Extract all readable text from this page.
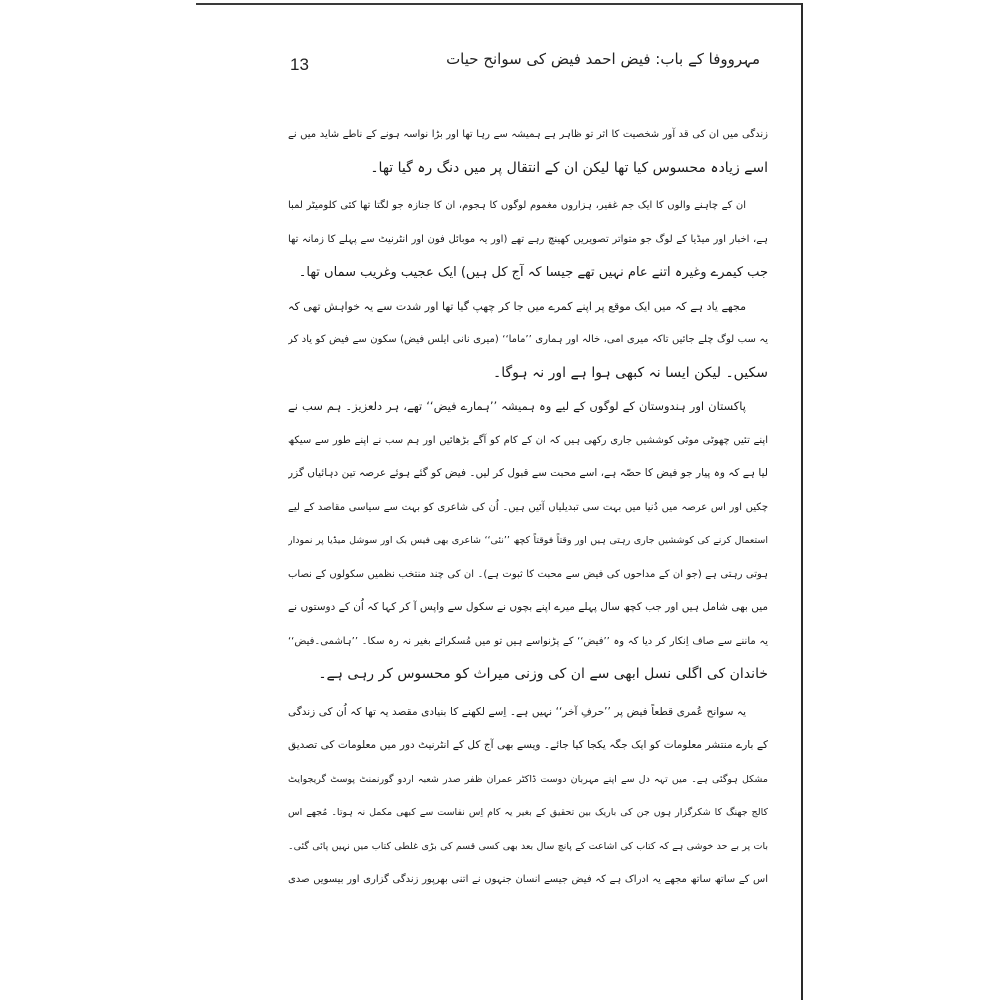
13	مہرووفا کے باب: فیض احمد فیض کی سوانح حیات
زندگی میں ان کی قد آور شخصیت کا اثر تو ظاہر ہے ہمیشہ سے رہا تھا اور بڑا نواسہ ہونے کے ناطے شاید میں نے
اسے زیادہ محسوس کیا تھا لیکن ان کے انتقال پر میں دنگ رہ گیا تھا۔
ان کے چاہنے والوں کا ایک جم غفیر، ہزاروں مغموم لوگوں کا ہجوم، ان کا جنازہ جو لگتا تھا کئی کلومیٹر لمبا
ہے، اخبار اور میڈیا کے لوگ جو متواتر تصویریں کھینچ رہے تھے (اور یہ موبائل فون اور انٹرنیٹ سے پہلے کا زمانہ تھا
جب کیمرے وغیرہ اتنے عام نہیں تھے جیسا کہ آج کل ہیں) ایک عجیب وغریب سماں تھا۔
مجھے یاد ہے کہ میں ایک موقع پر اپنے کمرے میں جا کر چھپ گیا تھا اور شدت سے یہ خواہش تھی کہ
یہ سب لوگ چلے جائیں تاکہ میری امی، خالہ اور ہماری ’’ماما‘‘ (میری نانی ایلس فیض) سکون سے فیض کو یاد کر
سکیں۔ لیکن ایسا نہ کبھی ہوا ہے اور نہ ہوگا۔
پاکستان اور ہندوستان کے لوگوں کے لیے وہ ہمیشہ ’’ہمارے فیض‘‘ تھے، ہر دلعزیز۔ ہم سب نے
اپنے تئیں چھوٹی موٹی کوششیں جاری رکھی ہیں کہ ان کے کام کو آگے بڑھائیں اور ہم سب نے اپنے طور سے سیکھ
لیا ہے کہ وہ پیار جو فیض کا حصّہ ہے، اسے محبت سے قبول کر لیں۔ فیض کو گئے ہوئے عرصہ تین دہائیاں گزر
چکیں اور اس عرصہ میں دُنیا میں بہت سی تبدیلیاں آئیں ہیں۔ اُن کی شاعری کو بہت سے سیاسی مقاصد کے لیے
استعمال کرنے کی کوششیں جاری رہتی ہیں اور وقتاً فوقتاً کچھ ’’نئی‘‘ شاعری بھی فیس بک اور سوشل میڈیا پر نمودار
ہوتی رہتی ہے (جو ان کے مداحوں کی فیض سے محبت کا ثبوت ہے)۔ ان کی چند منتخب نظمیں سکولوں کے نصاب
میں بھی شامل ہیں اور جب کچھ سال پہلے میرے اپنے بچوں نے سکول سے واپس آ کر کہا کہ اُن کے دوستوں نے
یہ ماننے سے صاف اِنکار کر دیا کہ وہ ’’فیض‘‘ کے پڑنواسے ہیں تو میں مُسکرائے بغیر نہ رہ سکا۔ ’’ہاشمی۔فیض‘‘
خاندان کی اگلی نسل ابھی سے ان کی وزنی میراث کو محسوس کر رہی ہے۔
یہ سوانح عُمری قطعاً فیض پر ’’حرفِ آخر‘‘ نہیں ہے۔ اِسے لکھنے کا بنیادی مقصد یہ تھا کہ اُن کی زندگی
کے بارے منتشر معلومات کو ایک جگہ یکجا کیا جائے۔ ویسے بھی آج کل کے انٹرنیٹ دور میں معلومات کی تصدیق
مشکل ہوگئی ہے۔ میں تہہ دل سے اپنے مہربان دوست ڈاکٹر عمران ظفر صدر شعبہ اردو گورنمنٹ پوسٹ گریجوایٹ
کالج جھنگ کا شکرگزار ہوں جن کی باریک بین تحقیق کے بغیر یہ کام اِس نفاست سے کبھی مکمل نہ ہوتا۔ مُجھے اس
بات پر بے حد خوشی ہے کہ کتاب کی اشاعت کے پانچ سال بعد بھی کسی قسم کی بڑی غلطی کتاب میں نہیں پائی گئی۔
اس کے ساتھ ساتھ مجھے یہ ادراک ہے کہ فیض جیسے انسان جنہوں نے اتنی بھرپور زندگی گزاری اور بیسویں صدی
